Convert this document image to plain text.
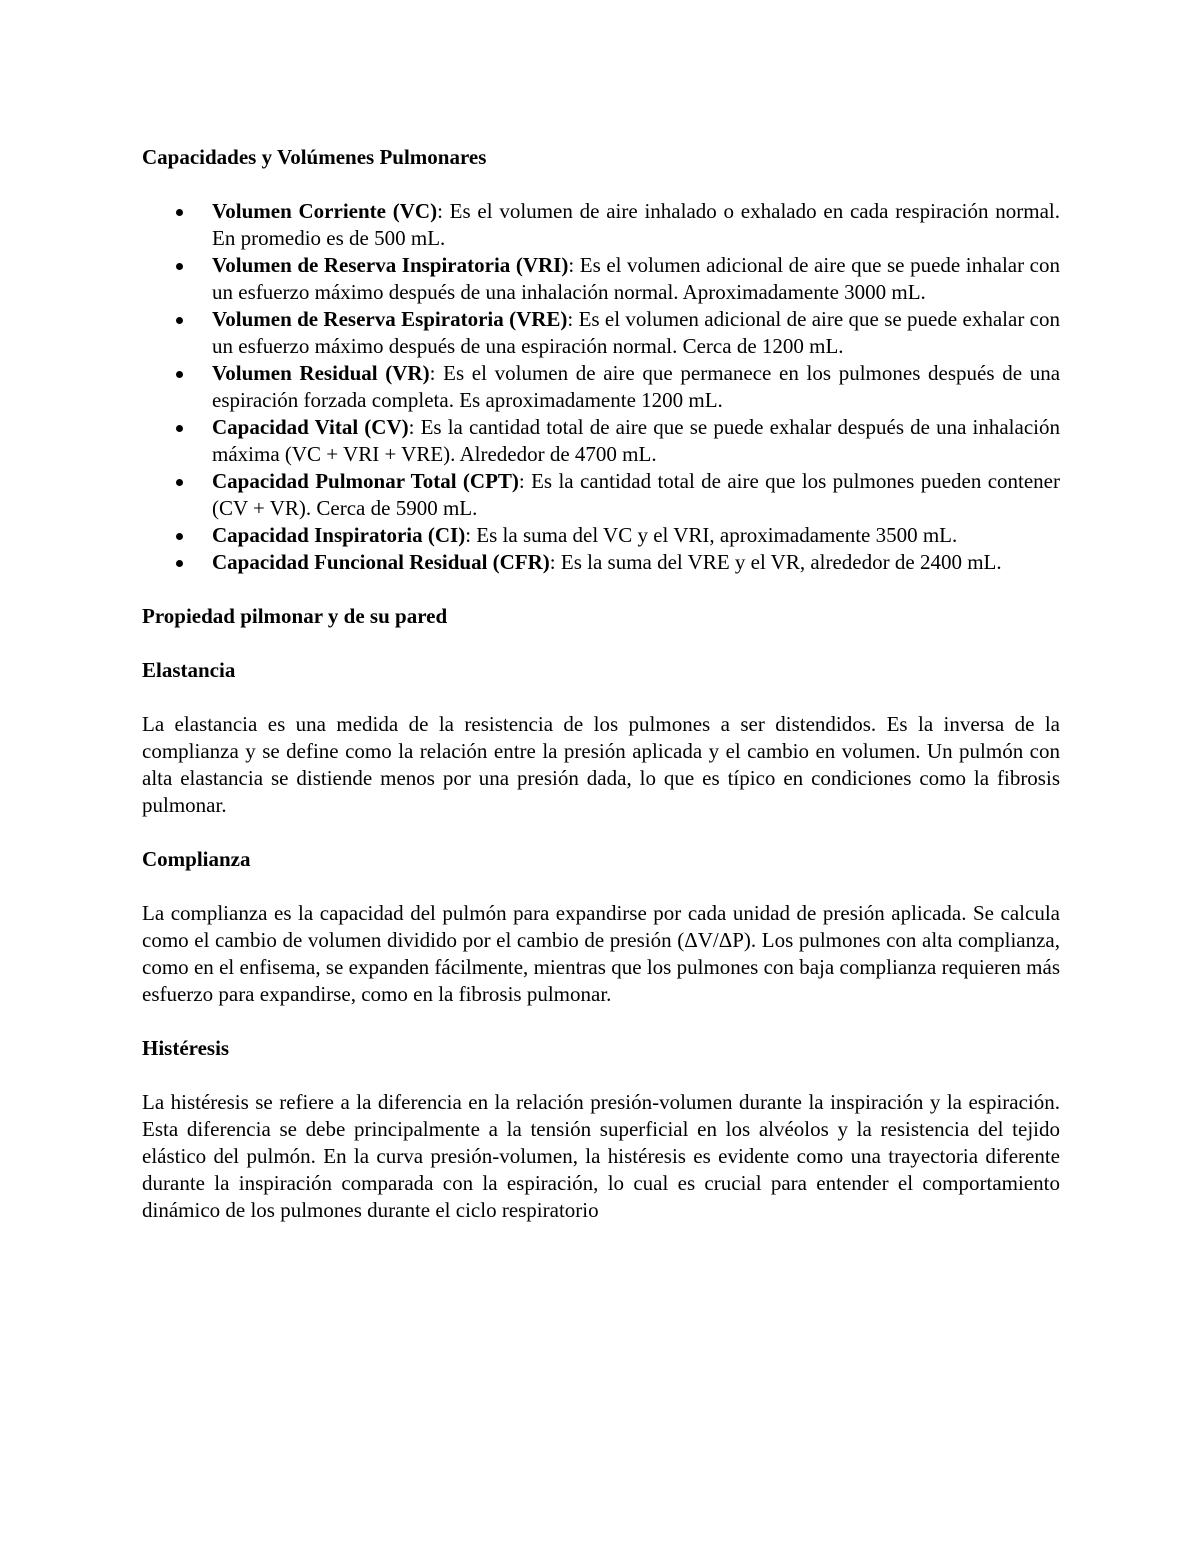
Capacidades y Volúmenes Pulmonares

Volumen Corriente (VC): Es el volumen de aire inhalado o exhalado en cada respiración normal. En promedio es de 500 mL.
Volumen de Reserva Inspiratoria (VRI): Es el volumen adicional de aire que se puede inhalar con un esfuerzo máximo después de una inhalación normal. Aproximadamente 3000 mL.
Volumen de Reserva Espiratoria (VRE): Es el volumen adicional de aire que se puede exhalar con un esfuerzo máximo después de una espiración normal. Cerca de 1200 mL.
Volumen Residual (VR): Es el volumen de aire que permanece en los pulmones después de una espiración forzada completa. Es aproximadamente 1200 mL.
Capacidad Vital (CV): Es la cantidad total de aire que se puede exhalar después de una inhalación máxima (VC + VRI + VRE). Alrededor de 4700 mL.
Capacidad Pulmonar Total (CPT): Es la cantidad total de aire que los pulmones pueden contener (CV + VR). Cerca de 5900 mL.
Capacidad Inspiratoria (CI): Es la suma del VC y el VRI, aproximadamente 3500 mL.
Capacidad Funcional Residual (CFR): Es la suma del VRE y el VR, alrededor de 2400 mL.

Propiedad pilmonar y de su pared

Elastancia

La elastancia es una medida de la resistencia de los pulmones a ser distendidos. Es la inversa de la complianza y se define como la relación entre la presión aplicada y el cambio en volumen. Un pulmón con alta elastancia se distiende menos por una presión dada, lo que es típico en condiciones como la fibrosis pulmonar.

Complianza

La complianza es la capacidad del pulmón para expandirse por cada unidad de presión aplicada. Se calcula como el cambio de volumen dividido por el cambio de presión (ΔV/ΔP). Los pulmones con alta complianza, como en el enfisema, se expanden fácilmente, mientras que los pulmones con baja complianza requieren más esfuerzo para expandirse, como en la fibrosis pulmonar.

Histéresis

La histéresis se refiere a la diferencia en la relación presión-volumen durante la inspiración y la espiración. Esta diferencia se debe principalmente a la tensión superficial en los alvéolos y la resistencia del tejido elástico del pulmón. En la curva presión-volumen, la histéresis es evidente como una trayectoria diferente durante la inspiración comparada con la espiración, lo cual es crucial para entender el comportamiento dinámico de los pulmones durante el ciclo respiratorio
